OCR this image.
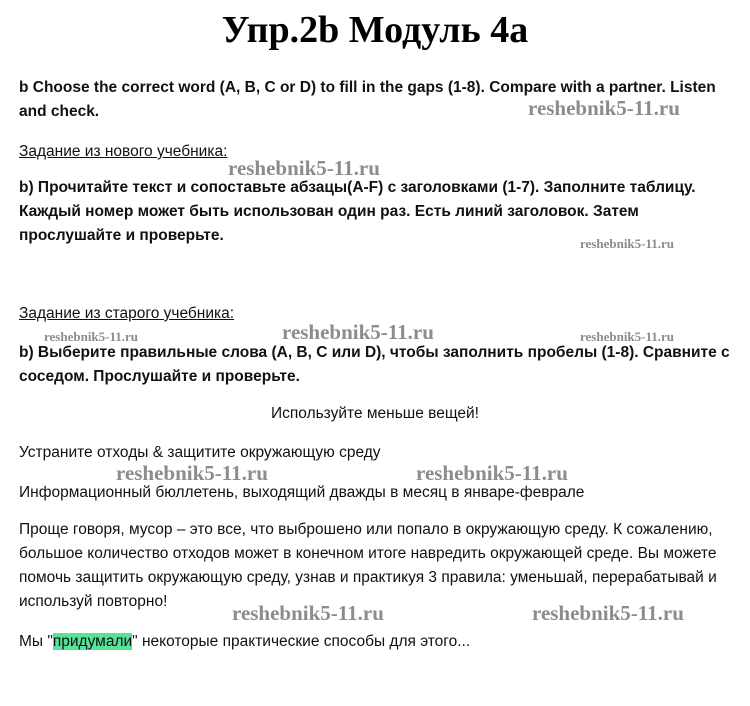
Упр.2b Модуль 4a

b Choose the correct word (A, B, C or D) to fill in the gaps (1-8). Compare with a partner. Listen and check.

Задание из нового учебника:

b) Прочитайте текст и сопоставьте абзацы(A-F) с заголовками (1-7). Заполните таблицу. Каждый номер может быть использован один раз. Есть линий заголовок. Затем прослушайте и проверьте.

Задание из старого учебника:

b) Выберите правильные слова (A, B, C или D), чтобы заполнить пробелы (1-8). Сравните с соседом. Прослушайте и проверьте.

Используйте меньше вещей!

Устраните отходы & защитите окружающую среду

Информационный бюллетень, выходящий дважды в месяц в январе-феврале

Проще говоря, мусор – это все, что выброшено или попало в окружающую среду. К сожалению, большое количество отходов может в конечном итоге навредить окружающей среде. Вы можете помочь защитить окружающую среду, узнав и практикуя 3 правила: уменьшай, перерабатывай и используй повторно!

Мы "придумали" некоторые практические способы для этого...

reshebnik5-11.ru
reshebnik5-11.ru
reshebnik5-11.ru
reshebnik5-11.ru	reshebnik5-11.ru	reshebnik5-11.ru
reshebnik5-11.ru	reshebnik5-11.ru
reshebnik5-11.ru	reshebnik5-11.ru
